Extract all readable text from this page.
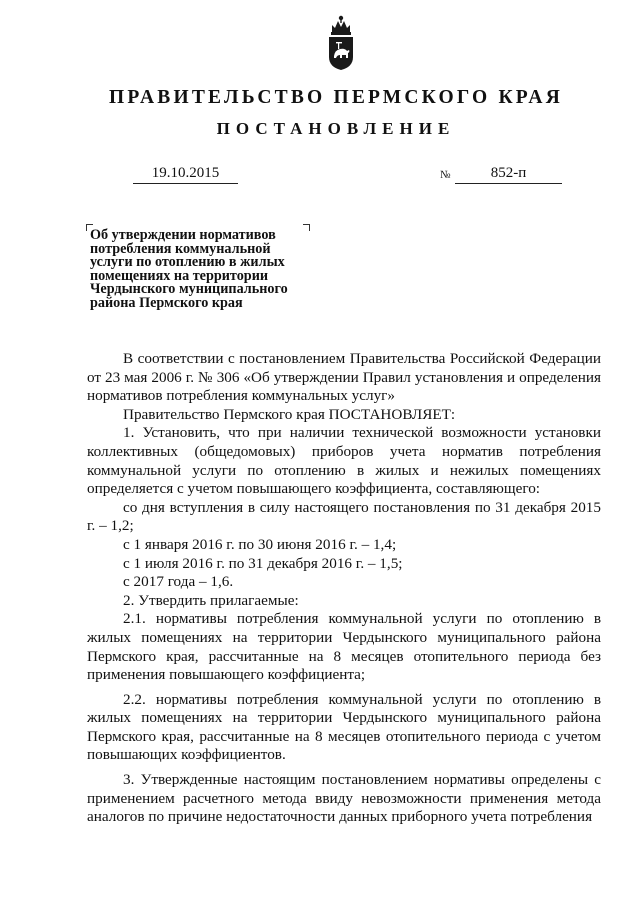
ПРАВИТЕЛЬСТВО ПЕРМСКОГО КРАЯ
ПОСТАНОВЛЕНИЕ
19.10.2015	№	852-п
Об утверждении нормативов
потребления коммунальной
услуги по отоплению в жилых
помещениях на территории
Чердынского муниципального
района Пермского края

В соответствии с постановлением Правительства Российской Федерации от 23 мая 2006 г. № 306 «Об утверждении Правил установления и определения нормативов потребления коммунальных услуг»

Правительство Пермского края ПОСТАНОВЛЯЕТ:

1. Установить, что при наличии технической возможности установки коллективных (общедомовых) приборов учета норматив потребления коммунальной услуги по отоплению в жилых и нежилых помещениях определяется с учетом повышающего коэффициента, составляющего:

со дня вступления в силу настоящего постановления по 31 декабря 2015 г. – 1,2;

с 1 января 2016 г. по 30 июня 2016 г. – 1,4;

с 1 июля 2016 г. по 31 декабря 2016 г. – 1,5;

с 2017 года – 1,6.

2. Утвердить прилагаемые:

2.1. нормативы потребления коммунальной услуги по отоплению в жилых помещениях на территории Чердынского муниципального района Пермского края, рассчитанные на 8 месяцев отопительного периода без применения повышающего коэффициента;

2.2. нормативы потребления коммунальной услуги по отоплению в жилых помещениях на территории Чердынского муниципального района Пермского края, рассчитанные на 8 месяцев отопительного периода с учетом повышающих коэффициентов.

3. Утвержденные настоящим постановлением нормативы определены с применением расчетного метода ввиду невозможности применения метода аналогов по причине недостаточности данных приборного учета потребления
